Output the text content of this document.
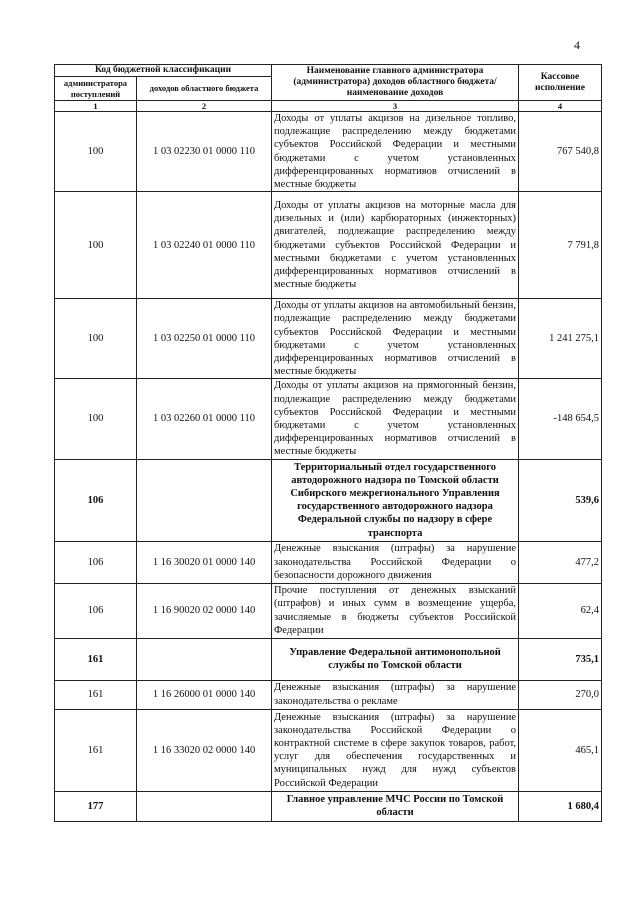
4
Код бюджетной классификации		Наименование главного администратора (администратора) доходов областного бюджета/ наименование доходов	Кассовое исполнение
администратора поступлений	доходов областного бюджета		
1	2	3	4
100	1 03 02230 01 0000 110	Доходы от уплаты акцизов на дизельное топливо, подлежащие распределению между бюджетами субъектов Российской Федерации и местными бюджетами с учетом установленных дифференцированных нормативов отчислений в местные бюджеты	767 540,8
100	1 03 02240 01 0000 110	Доходы от уплаты акцизов на моторные масла для дизельных и (или) карбюраторных (инжекторных) двигателей, подлежащие распределению между бюджетами субъектов Российской Федерации и местными бюджетами с учетом установленных дифференцированных нормативов отчислений в местные бюджеты	7 791,8
100	1 03 02250 01 0000 110	Доходы от уплаты акцизов на автомобильный бензин, подлежащие распределению между бюджетами субъектов Российской Федерации и местными бюджетами с учетом установленных дифференцированных нормативов отчислений в местные бюджеты	1 241 275,1
100	1 03 02260 01 0000 110	Доходы от уплаты акцизов на прямогонный бензин, подлежащие распределению между бюджетами субъектов Российской Федерации и местными бюджетами с учетом установленных дифференцированных нормативов отчислений в местные бюджеты	-148 654,5
106		Территориальный отдел государственного автодорожного надзора по Томской области Сибирского межрегионального Управления государственного автодорожного надзора Федеральной службы по надзору в сфере транспорта	539,6
106	1 16 30020 01 0000 140	Денежные взыскания (штрафы) за нарушение законодательства Российской Федерации о безопасности дорожного движения	477,2
106	1 16 90020 02 0000 140	Прочие поступления от денежных взысканий (штрафов) и иных сумм в возмещение ущерба, зачисляемые в бюджеты субъектов Российской Федерации	62,4
161		Управление Федеральной антимонопольной службы по Томской области	735,1
161	1 16 26000 01 0000 140	Денежные взыскания (штрафы) за нарушение законодательства о рекламе	270,0
161	1 16 33020 02 0000 140	Денежные взыскания (штрафы) за нарушение законодательства Российской Федерации о контрактной системе в сфере закупок товаров, работ, услуг для обеспечения государственных и муниципальных нужд для нужд субъектов Российской Федерации	465,1
177		Главное управление МЧС России по Томской области	1 680,4
